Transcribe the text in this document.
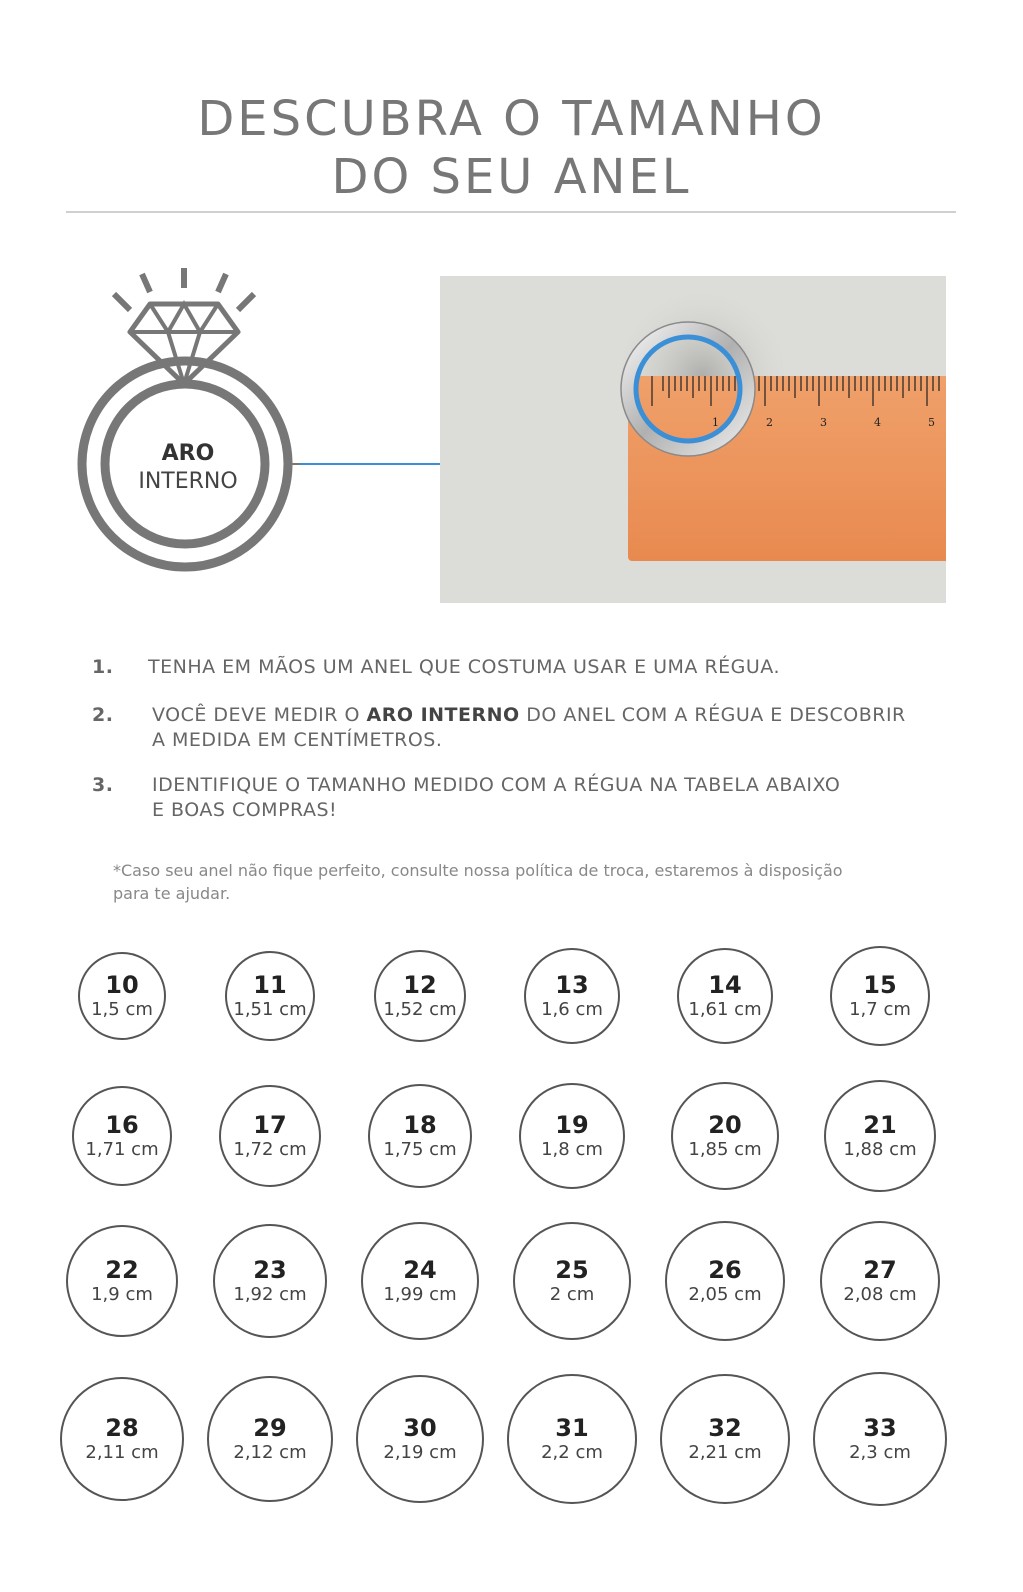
DESCUBRA O TAMANHO
DO SEU ANEL
ARO
INTERNO
1	2	3	4	5
1. TENHA EM MÃOS UM ANEL QUE COSTUMA USAR E UMA RÉGUA.
2. VOCÊ DEVE MEDIR O ARO INTERNO DO ANEL COM A RÉGUA E DESCOBRIR
A MEDIDA EM CENTÍMETROS.
3. IDENTIFIQUE O TAMANHO MEDIDO COM A RÉGUA NA TABELA ABAIXO
E BOAS COMPRAS!
*Caso seu anel não fique perfeito, consulte nossa política de troca, estaremos à disposição
para te ajudar.
10
1,5 cm
11
1,51 cm
12
1,52 cm
13
1,6 cm
14
1,61 cm
15
1,7 cm
16
1,71 cm
17
1,72 cm
18
1,75 cm
19
1,8 cm
20
1,85 cm
21
1,88 cm
22
1,9 cm
23
1,92 cm
24
1,99 cm
25
2 cm
26
2,05 cm
27
2,08 cm
28
2,11 cm
29
2,12 cm
30
2,19 cm
31
2,2 cm
32
2,21 cm
33
2,3 cm
